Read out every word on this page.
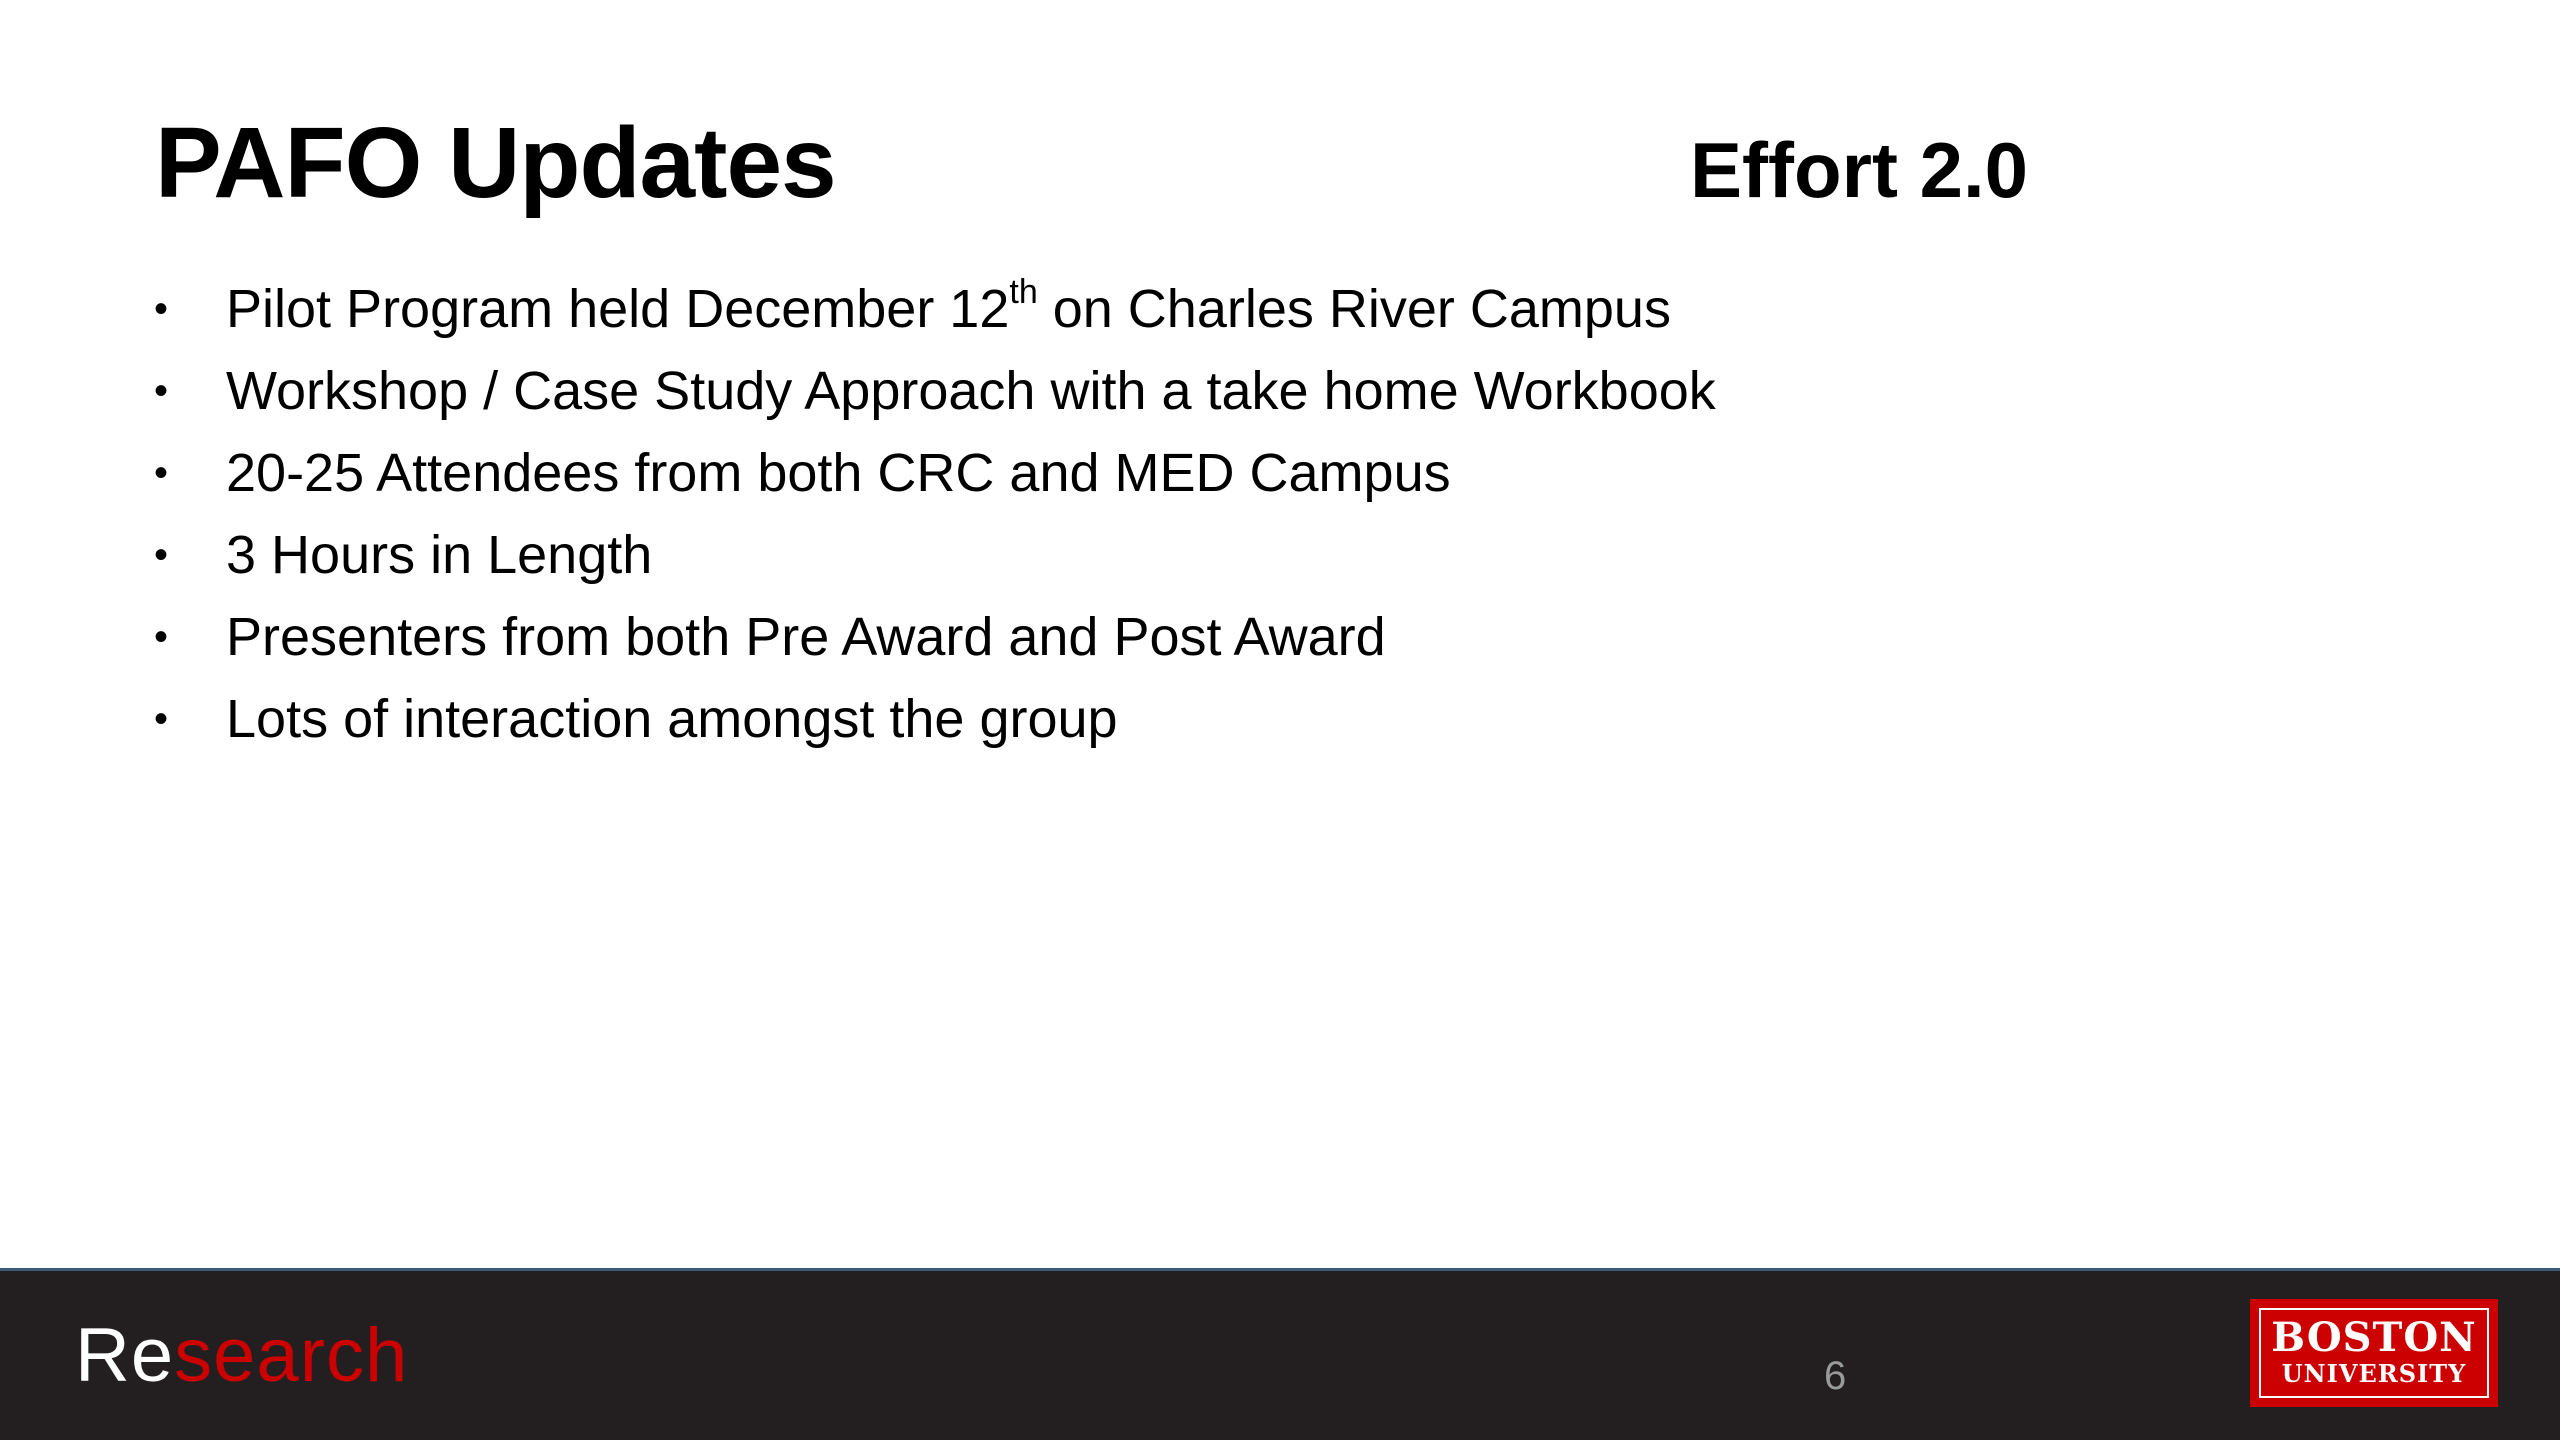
PAFO Updates	Effort 2.0
• Pilot Program held December 12th on Charles River Campus
• Workshop / Case Study Approach with a take home Workbook
• 20-25 Attendees from both CRC and MED Campus
• 3 Hours in Length
• Presenters from both Pre Award and Post Award
• Lots of interaction amongst the group
Research	6
BOSTON
UNIVERSITY
